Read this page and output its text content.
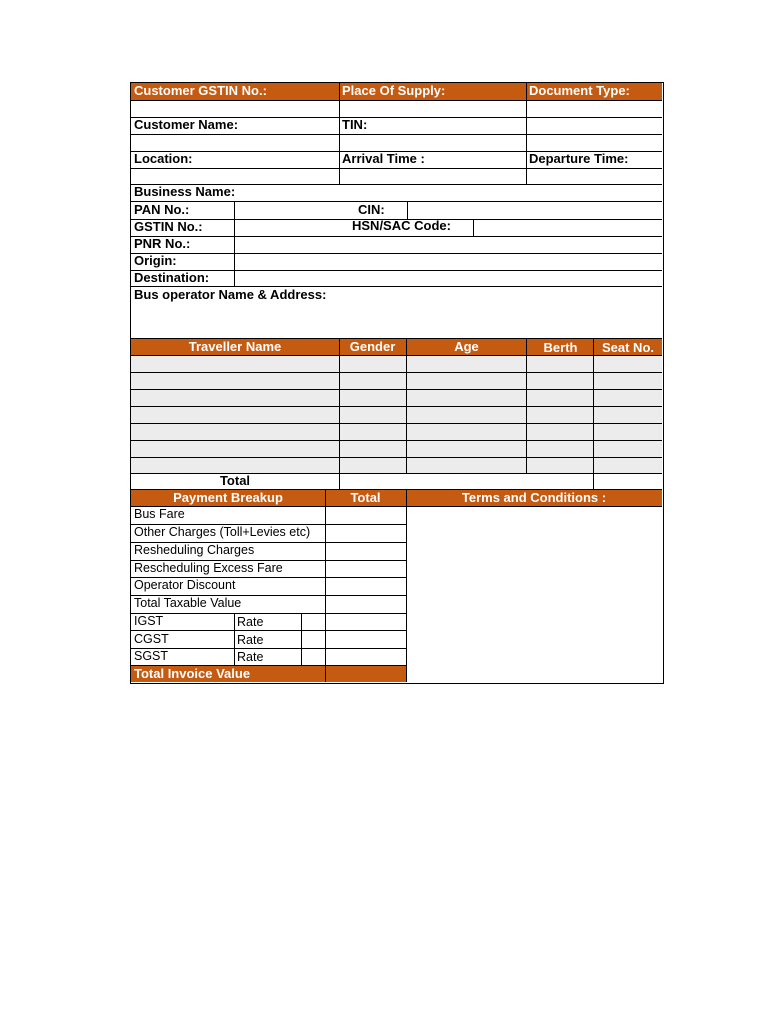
Customer GSTIN No.:	Place Of Supply:	Document Type:
Customer Name:	TIN:
Location:	Arrival Time :	Departure Time:
Business Name:
PAN No.:	CIN:
GSTIN No.:	HSN/SAC Code:
PNR No.:
Origin:
Destination:
Bus operator Name & Address:
Traveller Name	Gender	Age	Berth	Seat No.
Total
Payment Breakup	Total	Terms and Conditions :
Bus Fare
Other Charges (Toll+Levies etc)
Resheduling Charges
Rescheduling Excess Fare
Operator Discount
Total Taxable Value
IGST	Rate
CGST	Rate
SGST	Rate
Total Invoice Value
